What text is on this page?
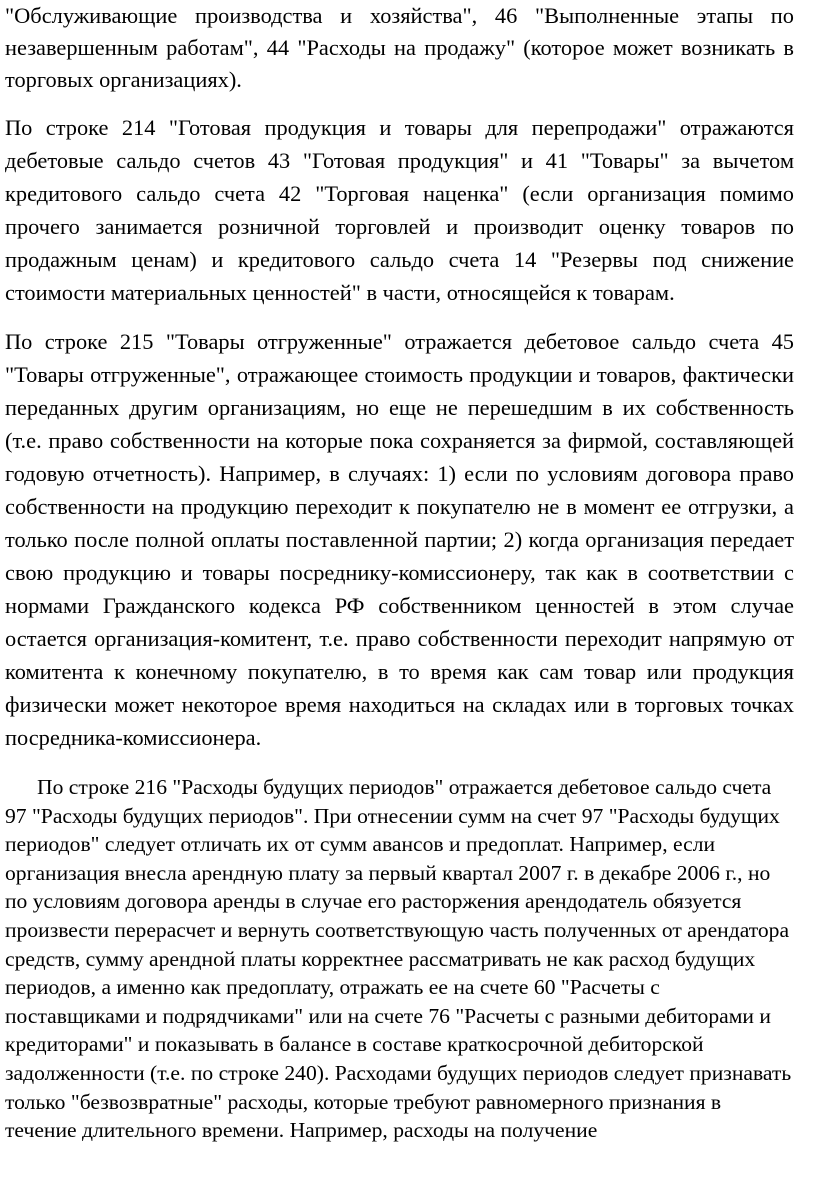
"Обслуживающие производства и хозяйства", 46 "Выполненные этапы по незавершенным работам", 44 "Расходы на продажу" (которое может возникать в торговых организациях).

По строке 214 "Готовая продукция и товары для перепродажи" отражаются дебетовые сальдо счетов 43 "Готовая продукция" и 41 "Товары" за вычетом кредитового сальдо счета 42 "Торговая наценка" (если организация помимо прочего занимается розничной торговлей и производит оценку товаров по продажным ценам) и кредитового сальдо счета 14 "Резервы под снижение стоимости материальных ценностей" в части, относящейся к товарам.

По строке 215 "Товары отгруженные" отражается дебетовое сальдо счета 45 "Товары отгруженные", отражающее стоимость продукции и товаров, фактически переданных другим организациям, но еще не перешедшим в их собственность (т.е. право собственности на которые пока сохраняется за фирмой, составляющей годовую отчетность). Например, в случаях: 1) если по условиям договора право собственности на продукцию переходит к покупателю не в момент ее отгрузки, а только после полной оплаты поставленной партии; 2) когда организация передает свою продукцию и товары посреднику-комиссионеру, так как в соответствии с нормами Гражданского кодекса РФ собственником ценностей в этом случае остается организация-комитент, т.е. право собственности переходит напрямую от комитента к конечному покупателю, в то время как сам товар или продукция физически может некоторое время находиться на складах или в торговых точках посредника-комиссионера.

По строке 216 "Расходы будущих периодов" отражается дебетовое сальдо счета 97 "Расходы будущих периодов". При отнесении сумм на счет 97 "Расходы будущих периодов" следует отличать их от сумм авансов и предоплат. Например, если организация внесла арендную плату за первый квартал 2007 г. в декабре 2006 г., но по условиям договора аренды в случае его расторжения арендодатель обязуется произвести перерасчет и вернуть соответствующую часть полученных от арендатора средств, сумму арендной платы корректнее рассматривать не как расход будущих периодов, а именно как предоплату, отражать ее на счете 60 "Расчеты с поставщиками и подрядчиками" или на счете 76 "Расчеты с разными дебиторами и кредиторами" и показывать в балансе в составе краткосрочной дебиторской задолженности (т.е. по строке 240). Расходами будущих периодов следует признавать только "безвозвратные" расходы, которые требуют равномерного признания в течение длительного времени. Например, расходы на получение
